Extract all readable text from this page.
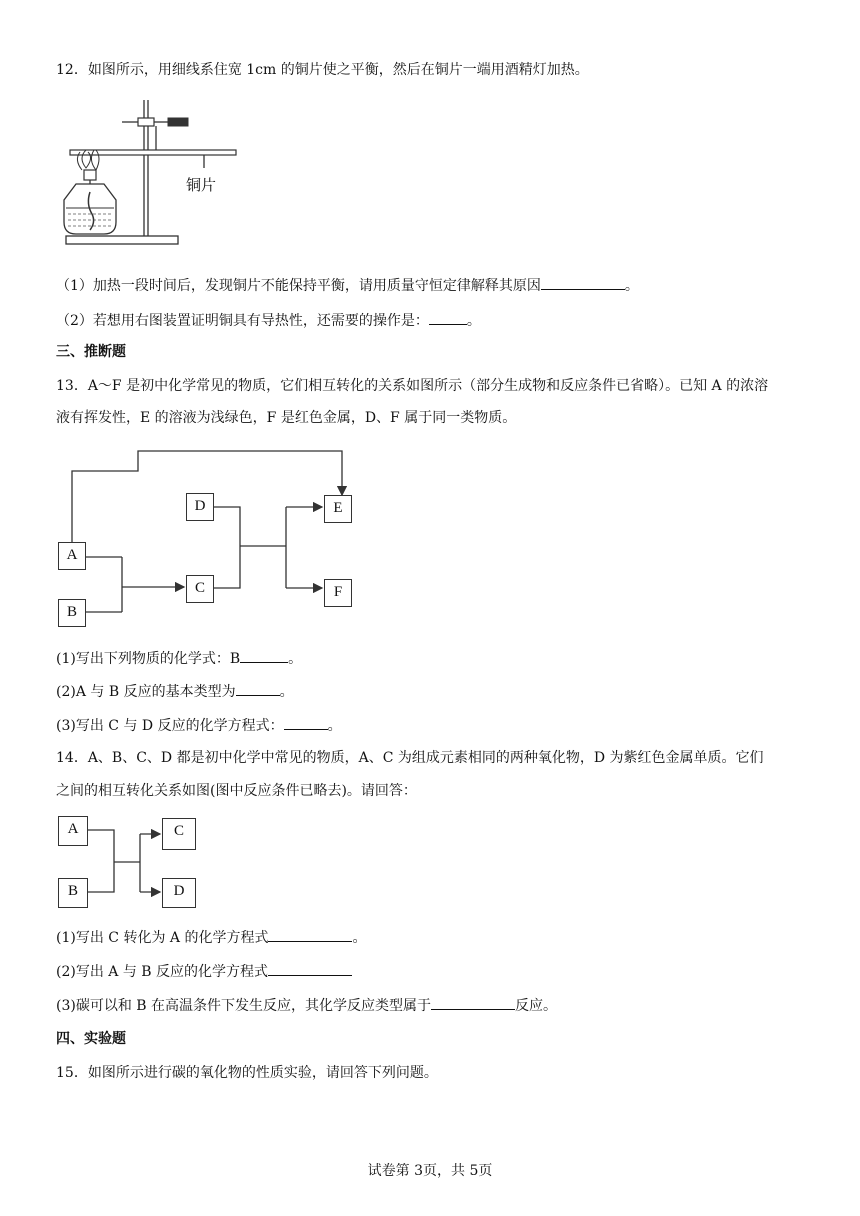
12．如图所示，用细线系住宽 1cm 的铜片使之平衡，然后在铜片一端用酒精灯加热。
铜片
（1）加热一段时间后，发现铜片不能保持平衡，请用质量守恒定律解释其原因	。
（2）若想用右图装置证明铜具有导热性，还需要的操作是：	。
三、推断题
13．A～F 是初中化学常见的物质，它们相互转化的关系如图所示（部分生成物和反应条件已省略）。已知 A 的浓溶
液有挥发性，E 的溶液为浅绿色，F 是红色金属，D、F 属于同一类物质。
A
B
C
D	E
F
(1)写出下列物质的化学式：B	。
(2)A 与 B 反应的基本类型为	。
(3)写出 C 与 D 反应的化学方程式：	。
14．A、B、C、D 都是初中化学中常见的物质，A、C 为组成元素相同的两种氧化物，D 为紫红色金属单质。它们
之间的相互转化关系如图(图中反应条件已略去)。请回答：
A
B
C
D
(1)写出 C 转化为 A 的化学方程式	。
(2)写出 A 与 B 反应的化学方程式
(3)碳可以和 B 在高温条件下发生反应，其化学反应类型属于	反应。
四、实验题
15．如图所示进行碳的氧化物的性质实验，请回答下列问题。
试卷第 3页，共 5页
